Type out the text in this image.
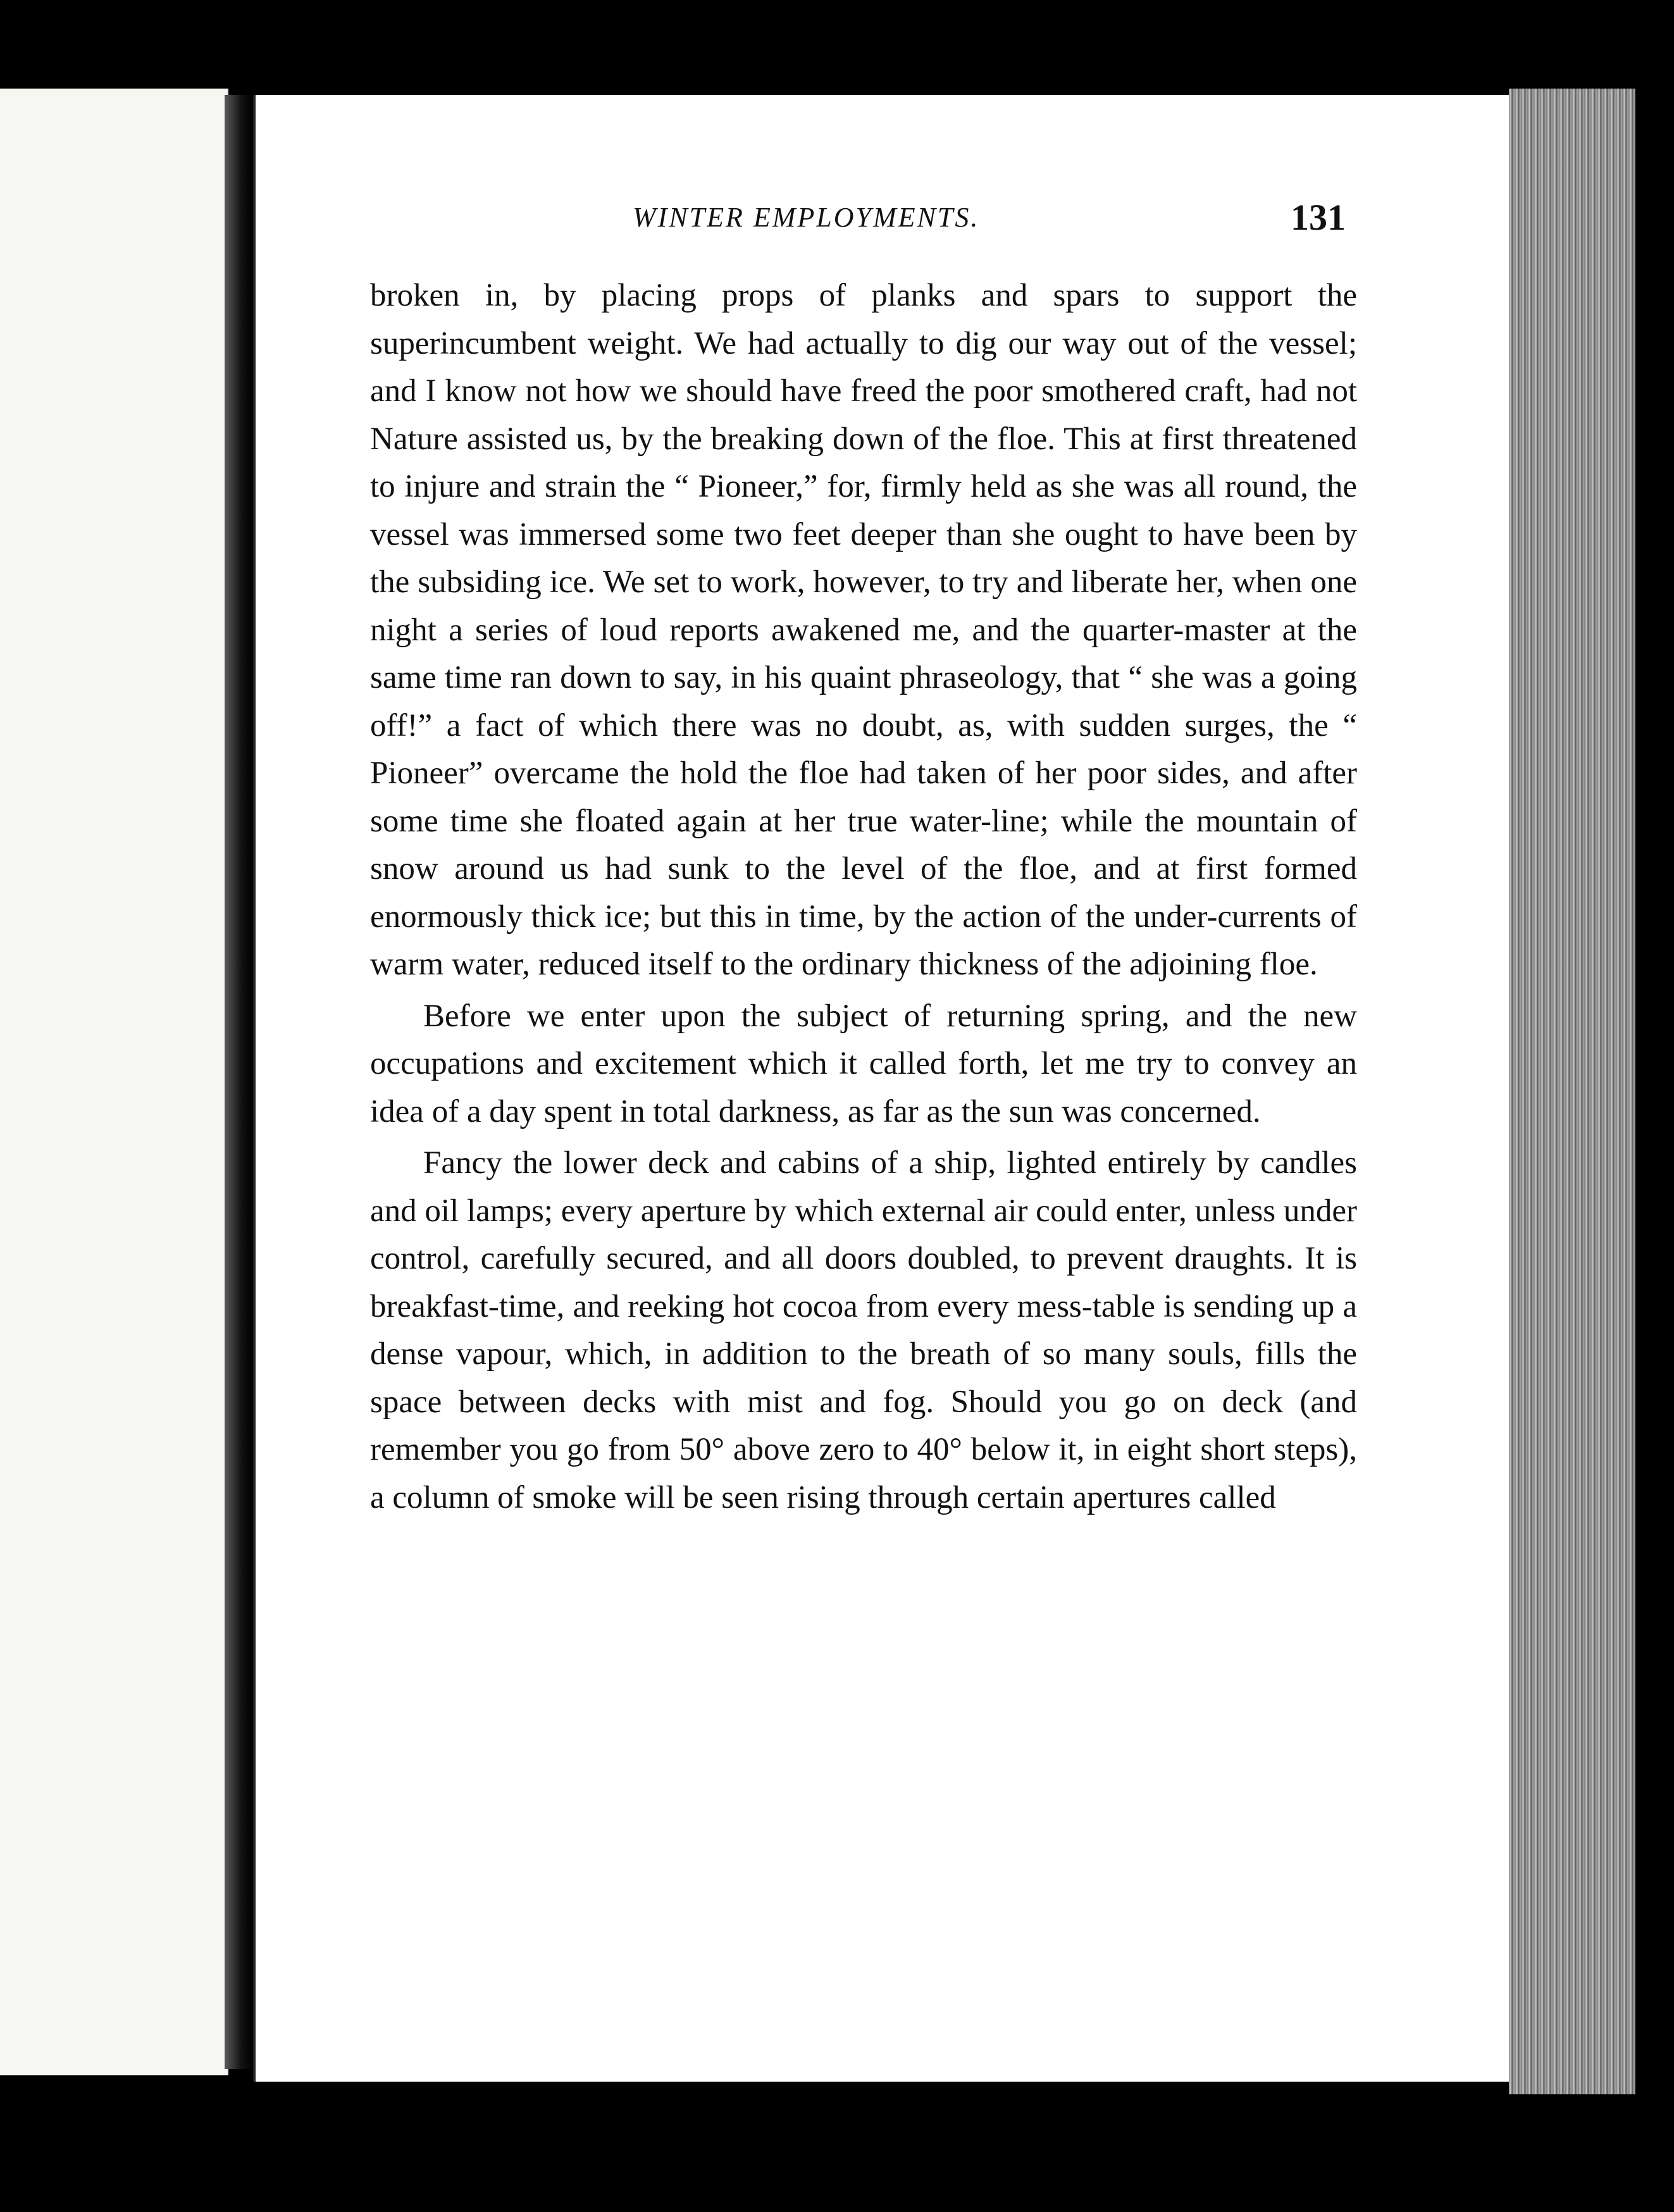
WINTER EMPLOYMENTS.	131

broken in, by placing props of planks and spars to support the superincumbent weight. We had actually to dig our way out of the vessel; and I know not how we should have freed the poor smothered craft, had not Nature assisted us, by the breaking down of the floe. This at first threatened to injure and strain the “ Pioneer,” for, firmly held as she was all round, the vessel was immersed some two feet deeper than she ought to have been by the subsiding ice. We set to work, however, to try and liberate her, when one night a series of loud reports awakened me, and the quarter-master at the same time ran down to say, in his quaint phraseology, that “ she was a going off!” a fact of which there was no doubt, as, with sudden surges, the “ Pioneer” overcame the hold the floe had taken of her poor sides, and after some time she floated again at her true water-line; while the mountain of snow around us had sunk to the level of the floe, and at first formed enormously thick ice; but this in time, by the action of the under-currents of warm water, reduced itself to the ordinary thickness of the adjoining floe.

Before we enter upon the subject of returning spring, and the new occupations and excitement which it called forth, let me try to convey an idea of a day spent in total darkness, as far as the sun was concerned.

Fancy the lower deck and cabins of a ship, lighted entirely by candles and oil lamps; every aperture by which external air could enter, unless under control, carefully secured, and all doors doubled, to prevent draughts. It is breakfast-time, and reeking hot cocoa from every mess-table is sending up a dense vapour, which, in addition to the breath of so many souls, fills the space between decks with mist and fog. Should you go on deck (and remember you go from 50° above zero to 40° below it, in eight short steps), a column of smoke will be seen rising through certain apertures called
